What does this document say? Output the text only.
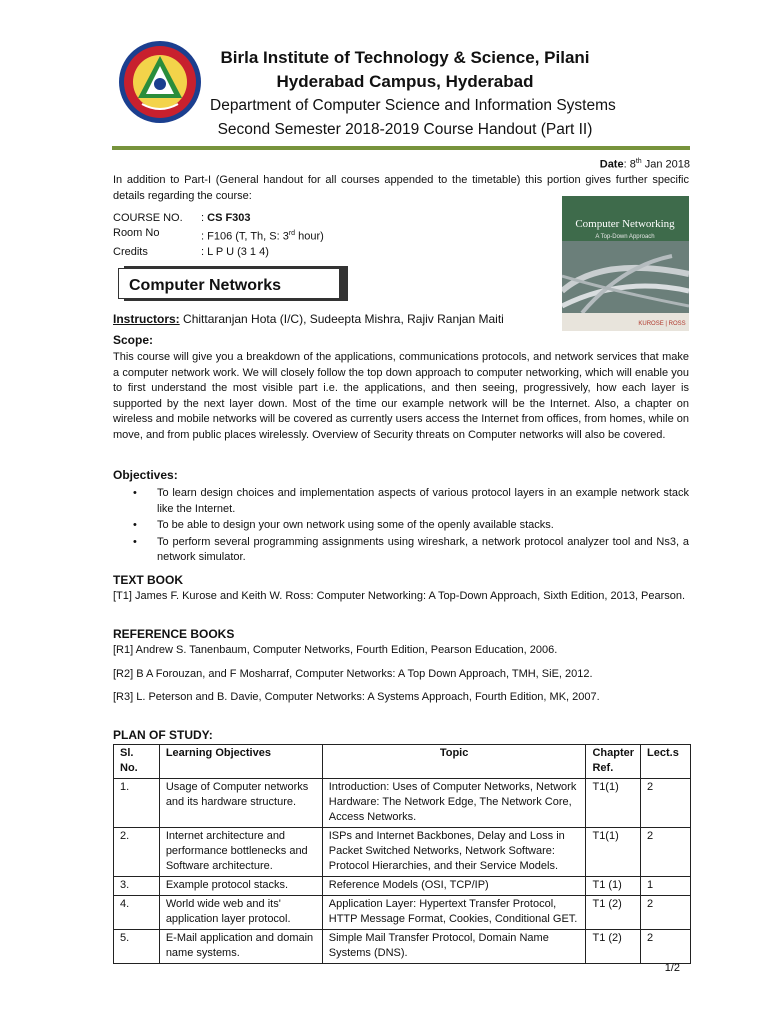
Birla Institute of Technology & Science, Pilani
Hyderabad Campus, Hyderabad
Department of Computer Science and Information Systems
Second Semester 2018-2019 Course Handout (Part II)
Date: 8th Jan 2018
In addition to Part-I (General handout for all courses appended to the timetable) this portion gives further specific details regarding the course:
COURSE NO.	: CS F303
Room No	: F106 (T, Th, S: 3rd hour)
Credits	: L P U (3 1 4)
Computer Networks
Computer Networking
A Top-Down Approach
KUROSE | ROSS
Instructors: Chittaranjan Hota (I/C), Sudeepta Mishra, Rajiv Ranjan Maiti
Scope:
This course will give you a breakdown of the applications, communications protocols, and network services that make a computer network work. We will closely follow the top down approach to computer networking, which will enable you to first understand the most visible part i.e. the applications, and then seeing, progressively, how each layer is supported by the next layer down. Most of the time our example network will be the Internet. Also, a chapter on wireless and mobile networks will be covered as currently users access the Internet from offices, from homes, while on move, and from public places wirelessly. Overview of Security threats on Computer networks will also be covered.
Objectives:
• To learn design choices and implementation aspects of various protocol layers in an example network stack like the Internet.
• To be able to design your own network using some of the openly available stacks.
• To perform several programming assignments using wireshark, a network protocol analyzer tool and Ns3, a network simulator.
TEXT BOOK
[T1] James F. Kurose and Keith W. Ross: Computer Networking: A Top-Down Approach, Sixth Edition, 2013, Pearson.
REFERENCE BOOKS
[R1] Andrew S. Tanenbaum, Computer Networks, Fourth Edition, Pearson Education, 2006.
[R2] B A Forouzan, and F Mosharraf, Computer Networks: A Top Down Approach, TMH, SiE, 2012.
[R3] L. Peterson and B. Davie, Computer Networks: A Systems Approach, Fourth Edition, MK, 2007.
PLAN OF STUDY:
Sl. No.	Learning Objectives	Topic	Chapter Ref.	Lect.s
1.	Usage of Computer networks and its hardware structure.	Introduction: Uses of Computer Networks, Network Hardware: The Network Edge, The Network Core, Access Networks.	T1(1)	2
2.	Internet architecture and performance bottlenecks and Software architecture.	ISPs and Internet Backbones, Delay and Loss in Packet Switched Networks, Network Software: Protocol Hierarchies, and their Service Models.	T1(1)	2
3.	Example protocol stacks.	Reference Models (OSI, TCP/IP)	T1 (1)	1
4.	World wide web and its' application layer protocol.	Application Layer: Hypertext Transfer Protocol, HTTP Message Format, Cookies, Conditional GET.	T1 (2)	2
5.	E-Mail application and domain name systems.	Simple Mail Transfer Protocol, Domain Name Systems (DNS).	T1 (2)	2
1/2
